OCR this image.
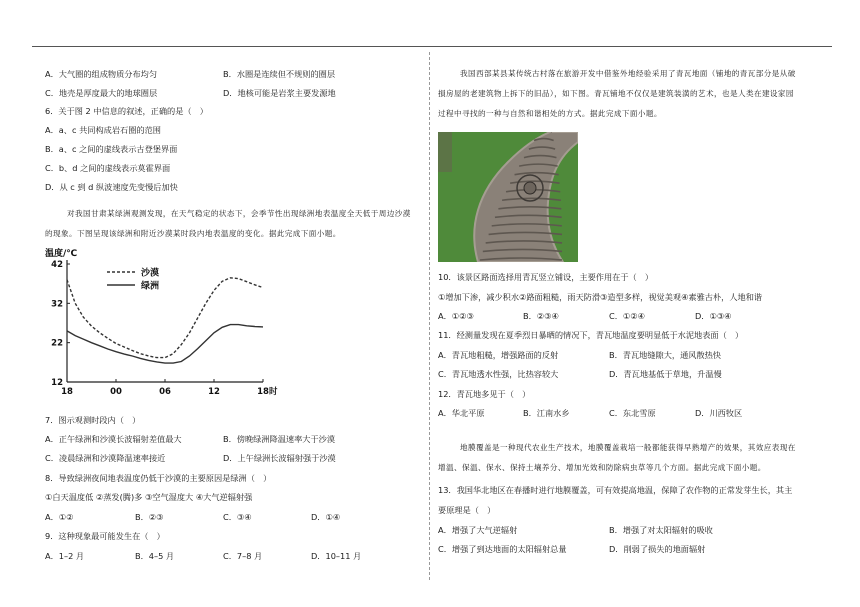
A．大气圈的组成物质分布均匀	B．水圈是连续但不规则的圈层
C．地壳是厚度最大的地球圈层	D．地核可能是岩浆主要发源地
6．关于图 2 中信息的叙述，正确的是（　）
A．a、c 共同构成岩石圈的范围
B．a、c 之间的虚线表示古登堡界面
C．b、d 之间的虚线表示莫霍界面
D．从 c 到 d 纵波速度先变慢后加快
对我国甘肃某绿洲观测发现，在天气稳定的状态下，会季节性出现绿洲地表温度全天低于周边沙漠的现象。下图呈现该绿洲和附近沙漠某时段内地表温度的变化。据此完成下面小题。
温度/℃
12
22
32
42
18	00	06	12	18 时
沙漠
绿洲
7．图示观测时段内（　）
A．正午绿洲和沙漠长波辐射差值最大	B．傍晚绿洲降温速率大于沙漠
C．凌晨绿洲和沙漠降温速率接近	D．上午绿洲长波辐射强于沙漠
8．导致绿洲夜间地表温度仍低于沙漠的主要原因是绿洲（　）
①白天温度低 ②蒸发(腾)多 ③空气湿度大 ④大气逆辐射强
A．①②	B．②③	C．③④	D．①④
9．这种现象最可能发生在（　）
A．1–2 月	B．4–5 月	C．7–8 月	D．10–11 月
我国西部某县某传统古村落在旅游开发中借鉴外地经验采用了青瓦地面（铺地的青瓦部分是从破損房屋的老建筑物上拆下的旧品），如下图。青瓦铺地不仅仅是建筑装潢的艺术，也是人类在建设家园过程中寻找的一种与自然和谐相处的方式。据此完成下面小题。
10．该景区路面选择用青瓦竖立铺设，主要作用在于（　）
①增加下渗，减少积水②路面粗糙，雨天防滑③造型多样，视觉美观④素雅古朴，人地和谐
A．①②③	B．②③④	C．①②④	D．①③④
11．经测量发现在夏季烈日暴晒的情况下，青瓦地温度要明显低于水泥地表面（　）
A．青瓦地粗糙，增强路面的反射	B．青瓦地缝隙大，通风散热快
C．青瓦地透水性强，比热容较大	D．青瓦地基低于草地，升温慢
12．青瓦地多见于（　）
A．华北平原	B．江南水乡	C．东北雪原	D．川西牧区
地膜覆盖是一种现代农业生产技术，地膜覆盖栽培一般都能获得早熟增产的效果，其效应表现在增温、保温、保水、保持土壤养分、增加光效和防除病虫草等几个方面。据此完成下面小题。
13．我国华北地区在春播时进行地膜覆盖，可有效提高地温，保障了农作物的正常发芽生长，其主要原理是（　）
A．增强了大气逆辐射	B．增强了对太阳辐射的吸收
C．增强了到达地面的太阳辐射总量	D．削弱了损失的地面辐射
